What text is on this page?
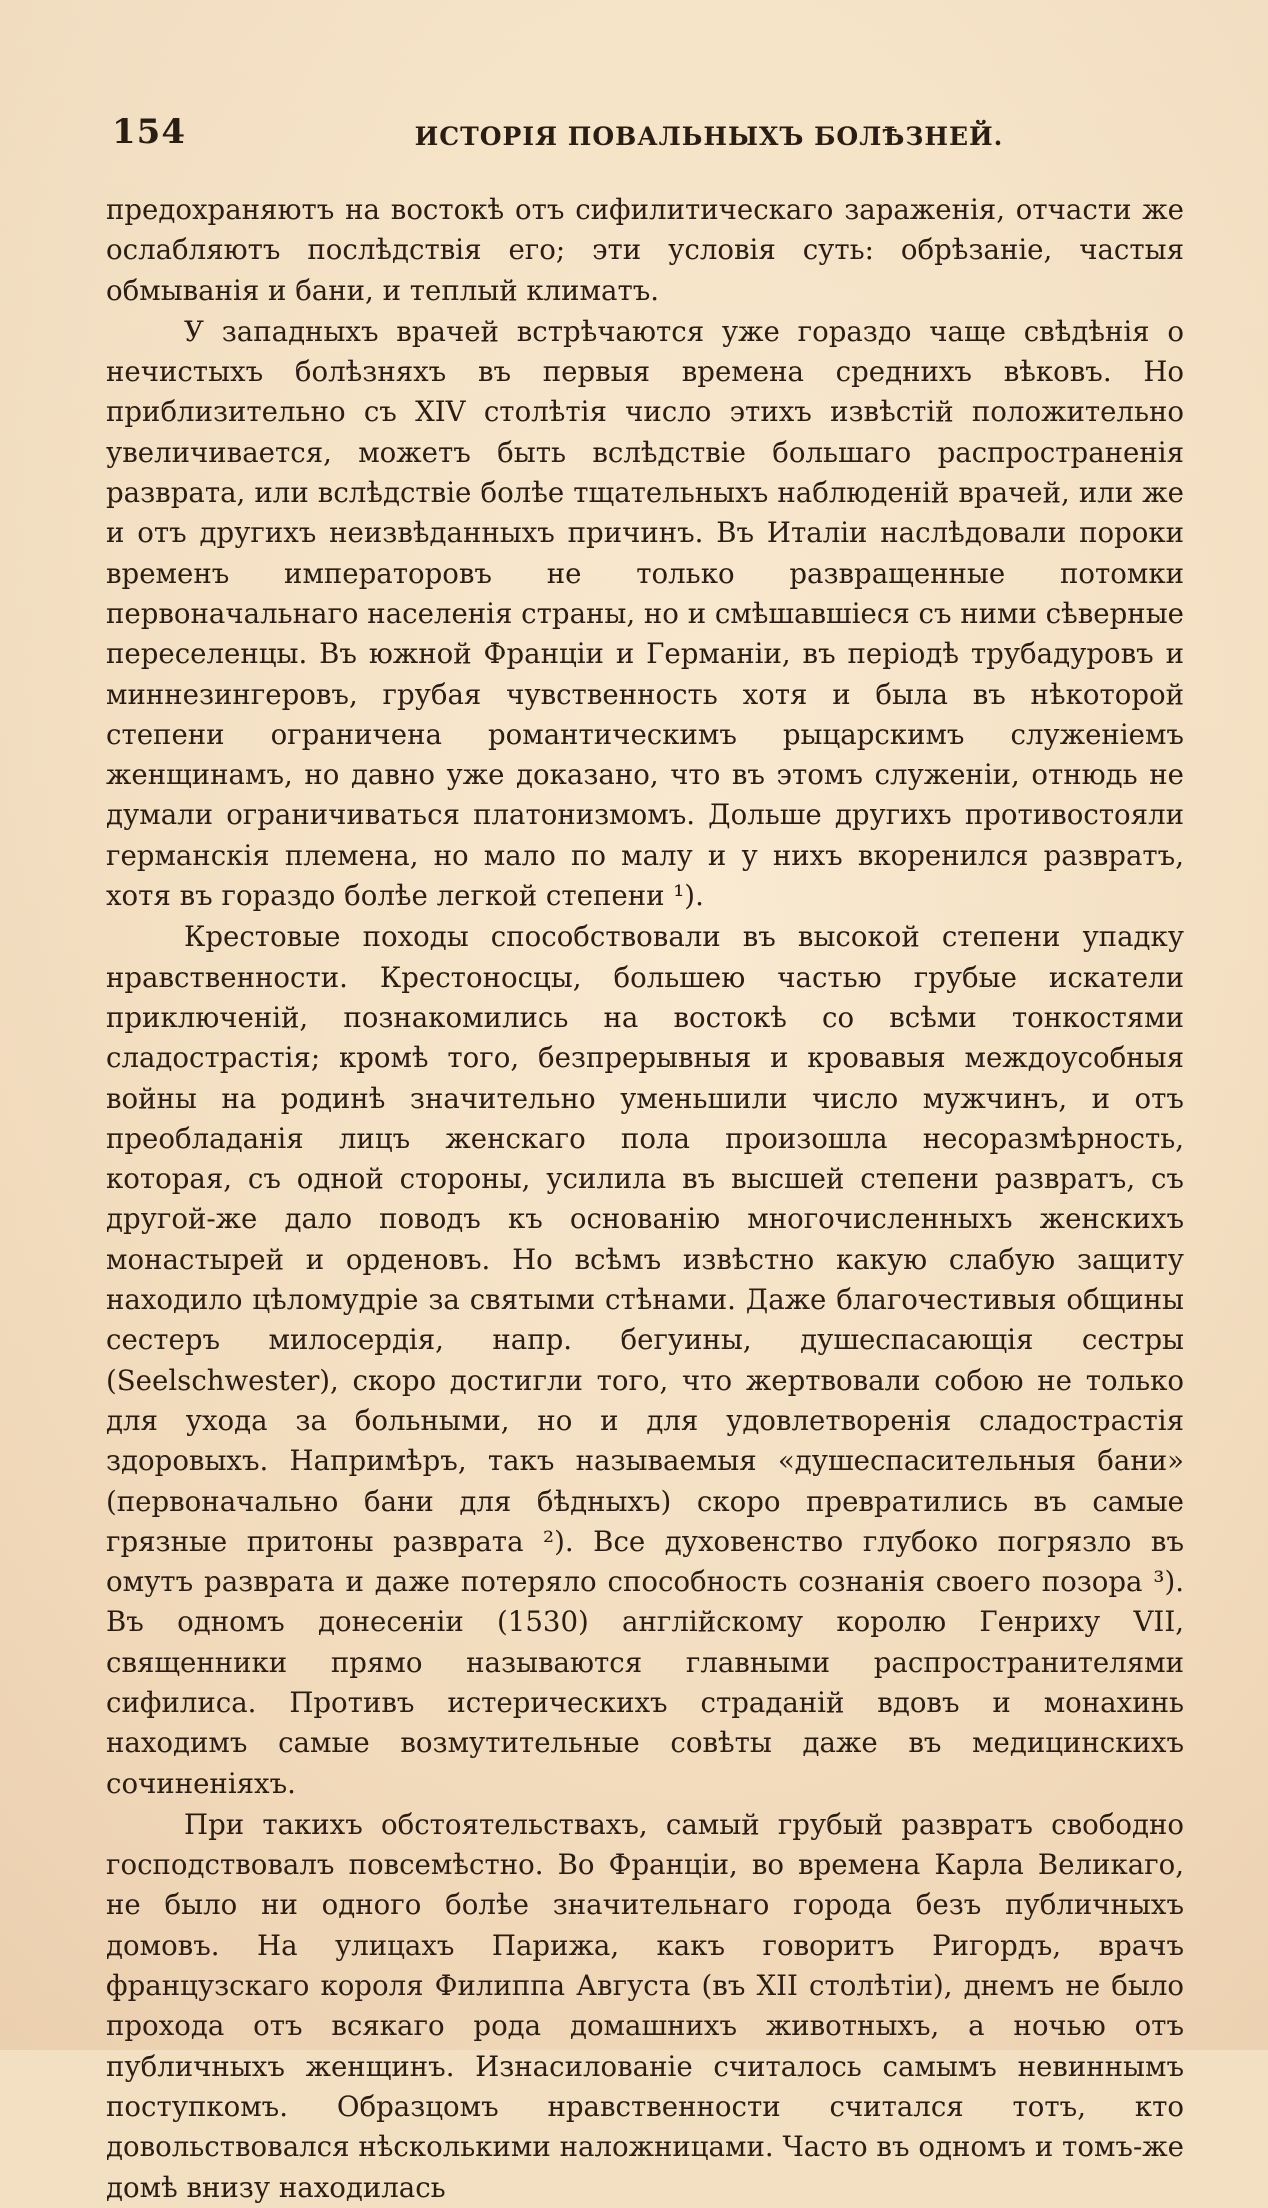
154	ИСТОРІЯ ПОВАЛЬНЫХЪ БОЛѢЗНЕЙ.

предохраняютъ на востокѣ отъ сифилитическаго зараженія, отчасти же ослабляютъ послѣдствія его; эти условія суть: обрѣзаніе, частыя обмыванія и бани, и теплый климатъ.

У западныхъ врачей встрѣчаются уже гораздо чаще свѣдѣнія о нечистыхъ болѣзняхъ въ первыя времена среднихъ вѣковъ. Но приблизительно съ XIV столѣтія число этихъ извѣстій положительно увеличивается, можетъ быть вслѣдствіе большаго распространенія разврата, или вслѣдствіе болѣе тщательныхъ наблюденій врачей, или же и отъ другихъ неизвѣданныхъ причинъ. Въ Италіи наслѣдовали пороки временъ императоровъ не только развращенные потомки первоначальнаго населенія страны, но и смѣшавшіеся съ ними сѣверные переселенцы. Въ южной Франціи и Германіи, въ періодѣ трубадуровъ и миннезингеровъ, грубая чувственность хотя и была въ нѣкоторой степени ограничена романтическимъ рыцарскимъ служеніемъ женщинамъ, но давно уже доказано, что въ этомъ служеніи, отнюдь не думали ограничиваться платонизмомъ. Дольше другихъ противостояли германскія племена, но мало по малу и у нихъ вкоренился развратъ, хотя въ гораздо болѣе легкой степени ¹).

Крестовые походы способствовали въ высокой степени упадку нравственности. Крестоносцы, большею частью грубые искатели приключеній, познакомились на востокѣ со всѣми тонкостями сладострастія; кромѣ того, безпрерывныя и кровавыя междоусобныя войны на родинѣ значительно уменьшили число мужчинъ, и отъ преобладанія лицъ женскаго пола произошла несоразмѣрность, которая, съ одной стороны, усилила въ высшей степени развратъ, съ другой-же дало поводъ къ основанію многочисленныхъ женскихъ монастырей и орденовъ. Но всѣмъ извѣстно какую слабую защиту находило цѣломудріе за святыми стѣнами. Даже благочестивыя общины сестеръ милосердія, напр. бегуины, душеспасающія сестры (Seelschwester), скоро достигли того, что жертвовали собою не только для ухода за больными, но и для удовлетворенія сладострастія здоровыхъ. Напримѣръ, такъ называемыя «душеспасительныя бани» (первоначально бани для бѣдныхъ) скоро превратились въ самые грязные притоны разврата ²). Все духовенство глубоко погрязло въ омутъ разврата и даже потеряло способность сознанія своего позора ³). Въ одномъ донесеніи (1530) англійскому королю Генриху VII, священники прямо называются главными распространителями сифилиса. Противъ истерическихъ страданій вдовъ и монахинь находимъ самые возмутительные совѣты даже въ медицинскихъ сочиненіяхъ.

При такихъ обстоятельствахъ, самый грубый развратъ свободно господствовалъ повсемѣстно. Во Франціи, во времена Карла Великаго, не было ни одного болѣе значительнаго города безъ публичныхъ домовъ. На улицахъ Парижа, какъ говоритъ Ригордъ, врачъ французскаго короля Филиппа Августа (въ XII столѣтіи), днемъ не было прохода отъ всякаго рода домашнихъ животныхъ, а ночью отъ публичныхъ женщинъ. Изнасилованіе считалось самымъ невиннымъ поступкомъ. Образцомъ нравственности считался тотъ, кто довольствовался нѣсколькими наложницами. Часто въ одномъ и томъ-же домѣ внизу находилась
